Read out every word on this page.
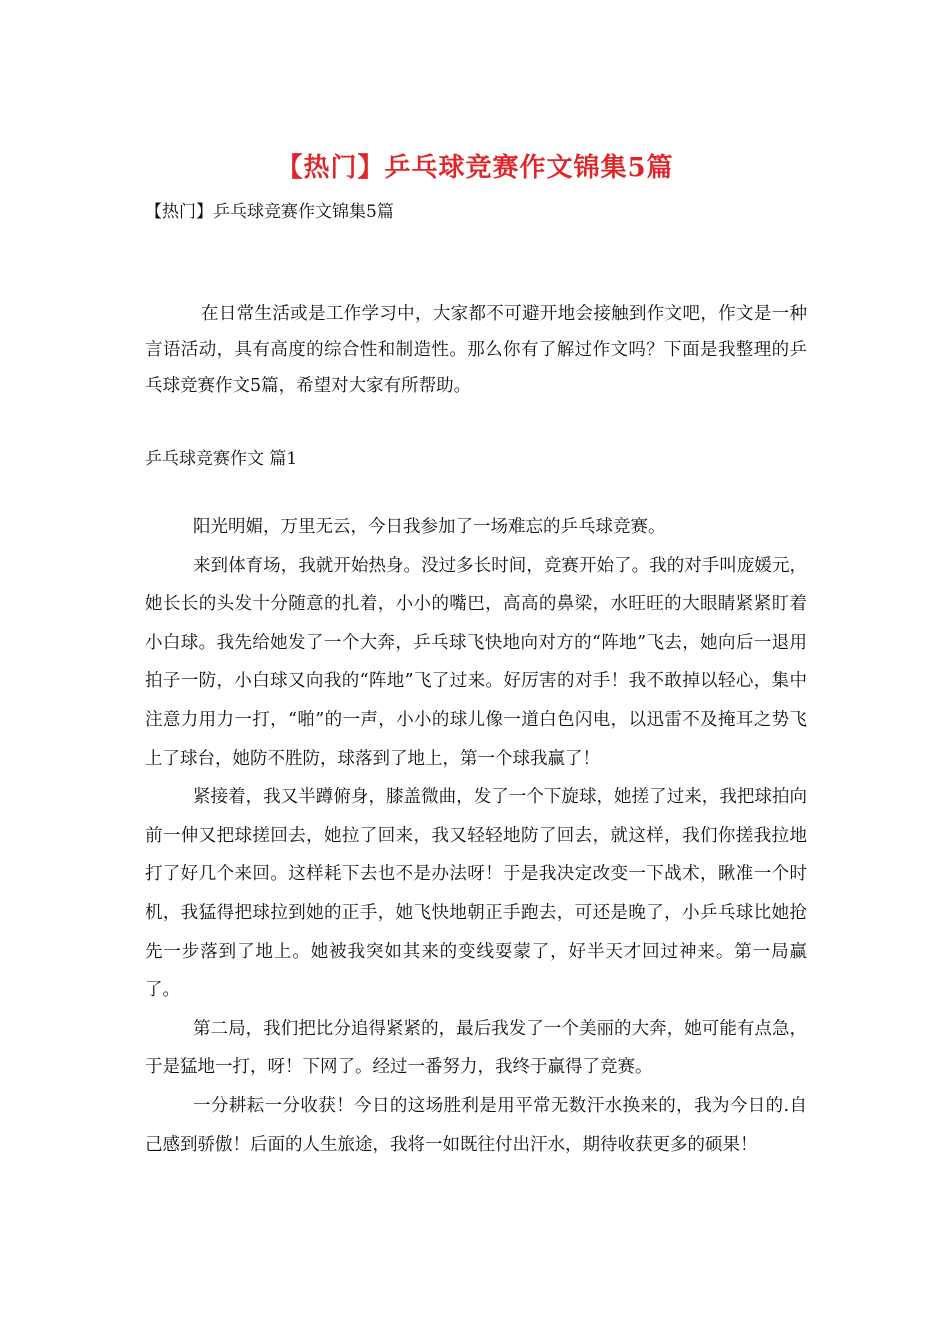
【热门】乒乓球竞赛作文锦集5篇
【热门】乒乓球竞赛作文锦集5篇

在日常生活或是工作学习中，大家都不可避开地会接触到作文吧，作文是一种言语活动，具有高度的综合性和制造性。那么你有了解过作文吗？下面是我整理的乒乓球竞赛作文5篇，希望对大家有所帮助。

乒乓球竞赛作文 篇1

阳光明媚，万里无云，今日我参加了一场难忘的乒乓球竞赛。

来到体育场，我就开始热身。没过多长时间，竞赛开始了。我的对手叫庞媛元，她长长的头发十分随意的扎着，小小的嘴巴，高高的鼻梁，水旺旺的大眼睛紧紧盯着小白球。我先给她发了一个大奔，乒乓球飞快地向对方的“阵地”飞去，她向后一退用拍子一防，小白球又向我的“阵地”飞了过来。好厉害的对手！我不敢掉以轻心，集中注意力用力一打，“啪”的一声，小小的球儿像一道白色闪电，以迅雷不及掩耳之势飞上了球台，她防不胜防，球落到了地上，第一个球我赢了！

紧接着，我又半蹲俯身，膝盖微曲，发了一个下旋球，她搓了过来，我把球拍向前一伸又把球搓回去，她拉了回来，我又轻轻地防了回去，就这样，我们你搓我拉地打了好几个来回。这样耗下去也不是办法呀！于是我决定改变一下战术，瞅准一个时机，我猛得把球拉到她的正手，她飞快地朝正手跑去，可还是晚了，小乒乓球比她抢先一步落到了地上。她被我突如其来的变线耍蒙了，好半天才回过神来。第一局赢了。

第二局，我们把比分追得紧紧的，最后我发了一个美丽的大奔，她可能有点急，于是猛地一打，呀！下网了。经过一番努力，我终于赢得了竞赛。

一分耕耘一分收获！今日的这场胜利是用平常无数汗水换来的，我为今日的.自己感到骄傲！后面的人生旅途，我将一如既往付出汗水，期待收获更多的硕果！
